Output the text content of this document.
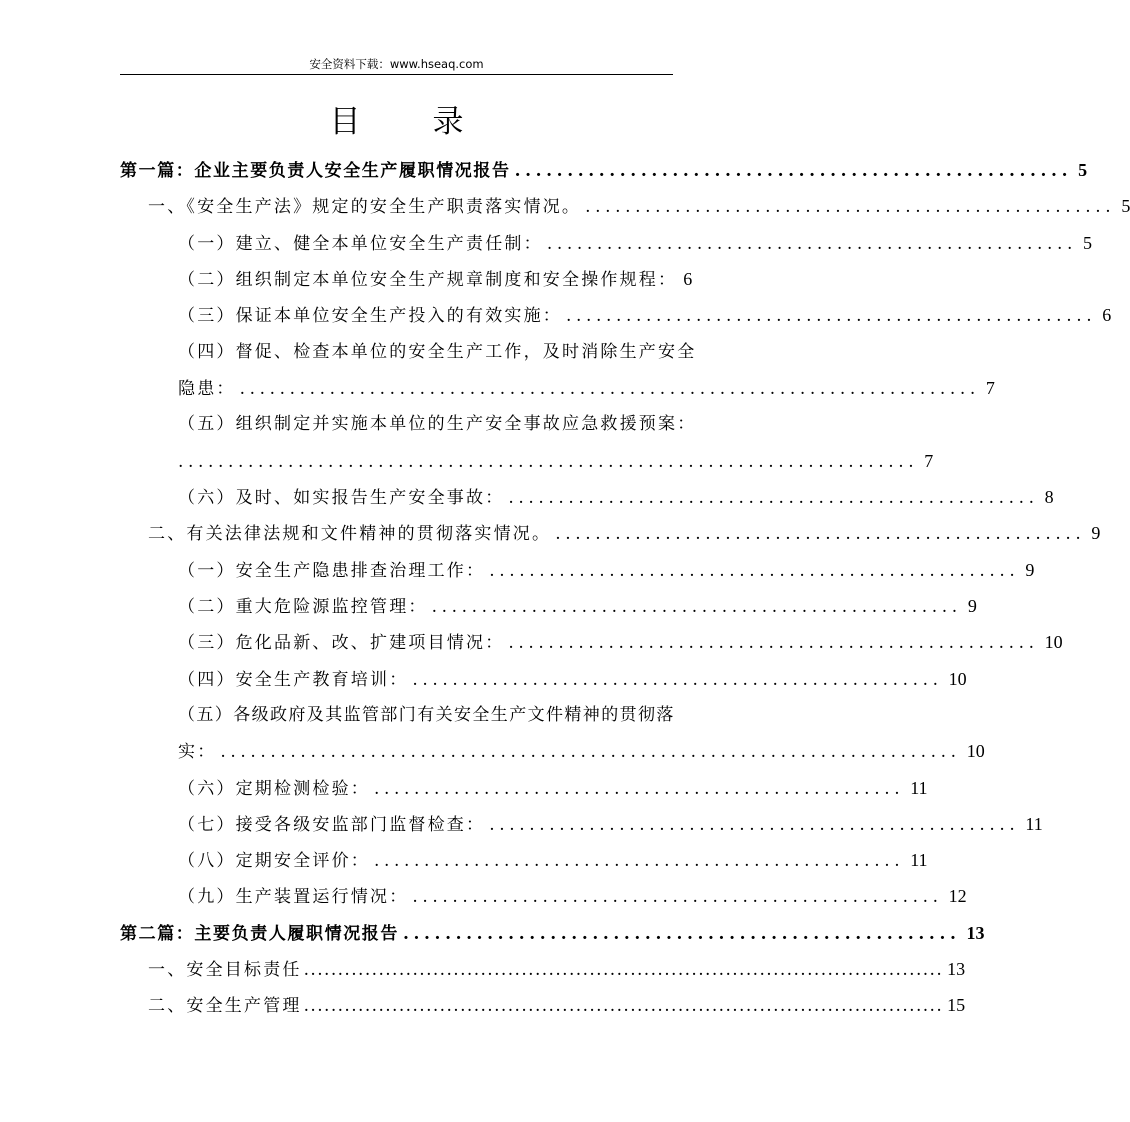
安全资料下载：www.hseaq.com
目录
第一篇：企业主要负责人安全生产履职情况报告 ..................................................... 5
一、《安全生产法》规定的安全生产职责落实情况。 ..................................................... 5
（一）建立、健全本单位安全生产责任制： ..................................................... 5
（二）组织制定本单位安全生产规章制度和安全操作规程： 6
（三）保证本单位安全生产投入的有效实施： ..................................................... 6
（四）督促、检查本单位的安全生产工作，及时消除生产安全
隐患： .......................................................................... 7
（五）组织制定并实施本单位的生产安全事故应急救援预案：
.......................................................................... 7
（六）及时、如实报告生产安全事故： ..................................................... 8
二、有关法律法规和文件精神的贯彻落实情况。 ..................................................... 9
（一）安全生产隐患排查治理工作： ..................................................... 9
（二）重大危险源监控管理： ..................................................... 9
（三）危化品新、改、扩建项目情况： ..................................................... 10
（四）安全生产教育培训： ..................................................... 10
（五）各级政府及其监管部门有关安全生产文件精神的贯彻落
实： .......................................................................... 10
（六）定期检测检验： ..................................................... 11
（七）接受各级安监部门监督检查： ..................................................... 11
（八）定期安全评价： ..................................................... 11
（九）生产装置运行情况： ..................................................... 12
第二篇：主要负责人履职情况报告 ..................................................... 13
一、安全目标责任 .............................................................................................. 13
二、安全生产管理 .............................................................................................. 15
